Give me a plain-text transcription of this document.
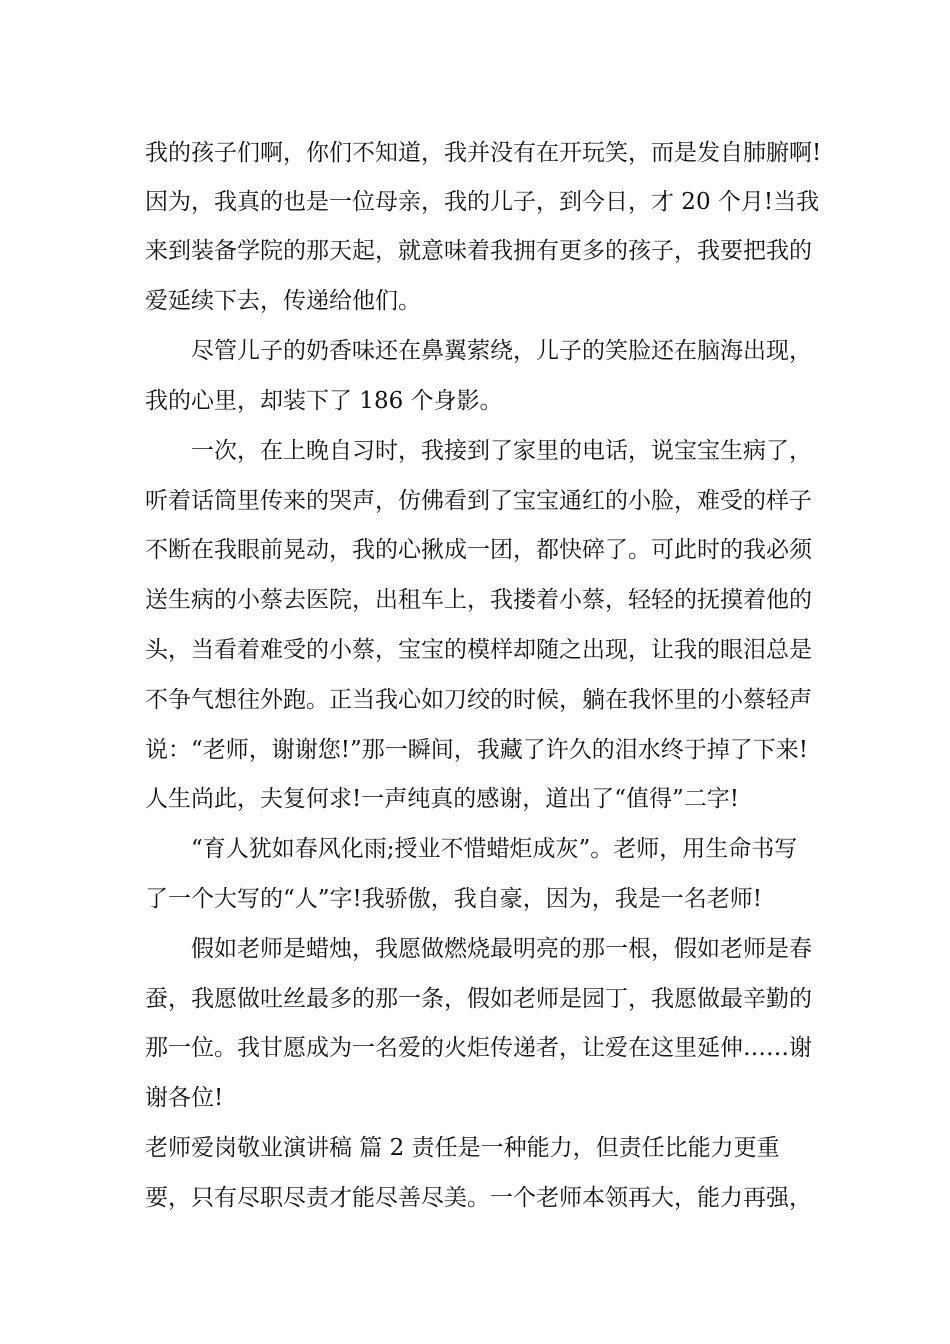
我的孩子们啊，你们不知道，我并没有在开玩笑，而是发自肺腑啊!
因为，我真的也是一位母亲，我的儿子，到今日，才 20 个月!当我
来到装备学院的那天起，就意味着我拥有更多的孩子，我要把我的
爱延续下去，传递给他们。
尽管儿子的奶香味还在鼻翼萦绕，儿子的笑脸还在脑海出现，
我的心里，却装下了 186 个身影。
一次，在上晚自习时，我接到了家里的电话，说宝宝生病了，
听着话筒里传来的哭声，仿佛看到了宝宝通红的小脸，难受的样子
不断在我眼前晃动，我的心揪成一团，都快碎了。可此时的我必须
送生病的小蔡去医院，出租车上，我搂着小蔡，轻轻的抚摸着他的
头，当看着难受的小蔡，宝宝的模样却随之出现，让我的眼泪总是
不争气想往外跑。正当我心如刀绞的时候，躺在我怀里的小蔡轻声
说：“老师，谢谢您!”那一瞬间，我藏了许久的泪水终于掉了下来!
人生尚此，夫复何求!一声纯真的感谢，道出了“值得”二字!
“育人犹如春风化雨;授业不惜蜡炬成灰”。老师，用生命书写
了一个大写的“人”字!我骄傲，我自豪，因为，我是一名老师!
假如老师是蜡烛，我愿做燃烧最明亮的那一根，假如老师是春
蚕，我愿做吐丝最多的那一条，假如老师是园丁，我愿做最辛勤的
那一位。我甘愿成为一名爱的火炬传递者，让爱在这里延伸……谢
谢各位!
老师爱岗敬业演讲稿 篇 2 责任是一种能力，但责任比能力更重
要，只有尽职尽责才能尽善尽美。一个老师本领再大，能力再强，
